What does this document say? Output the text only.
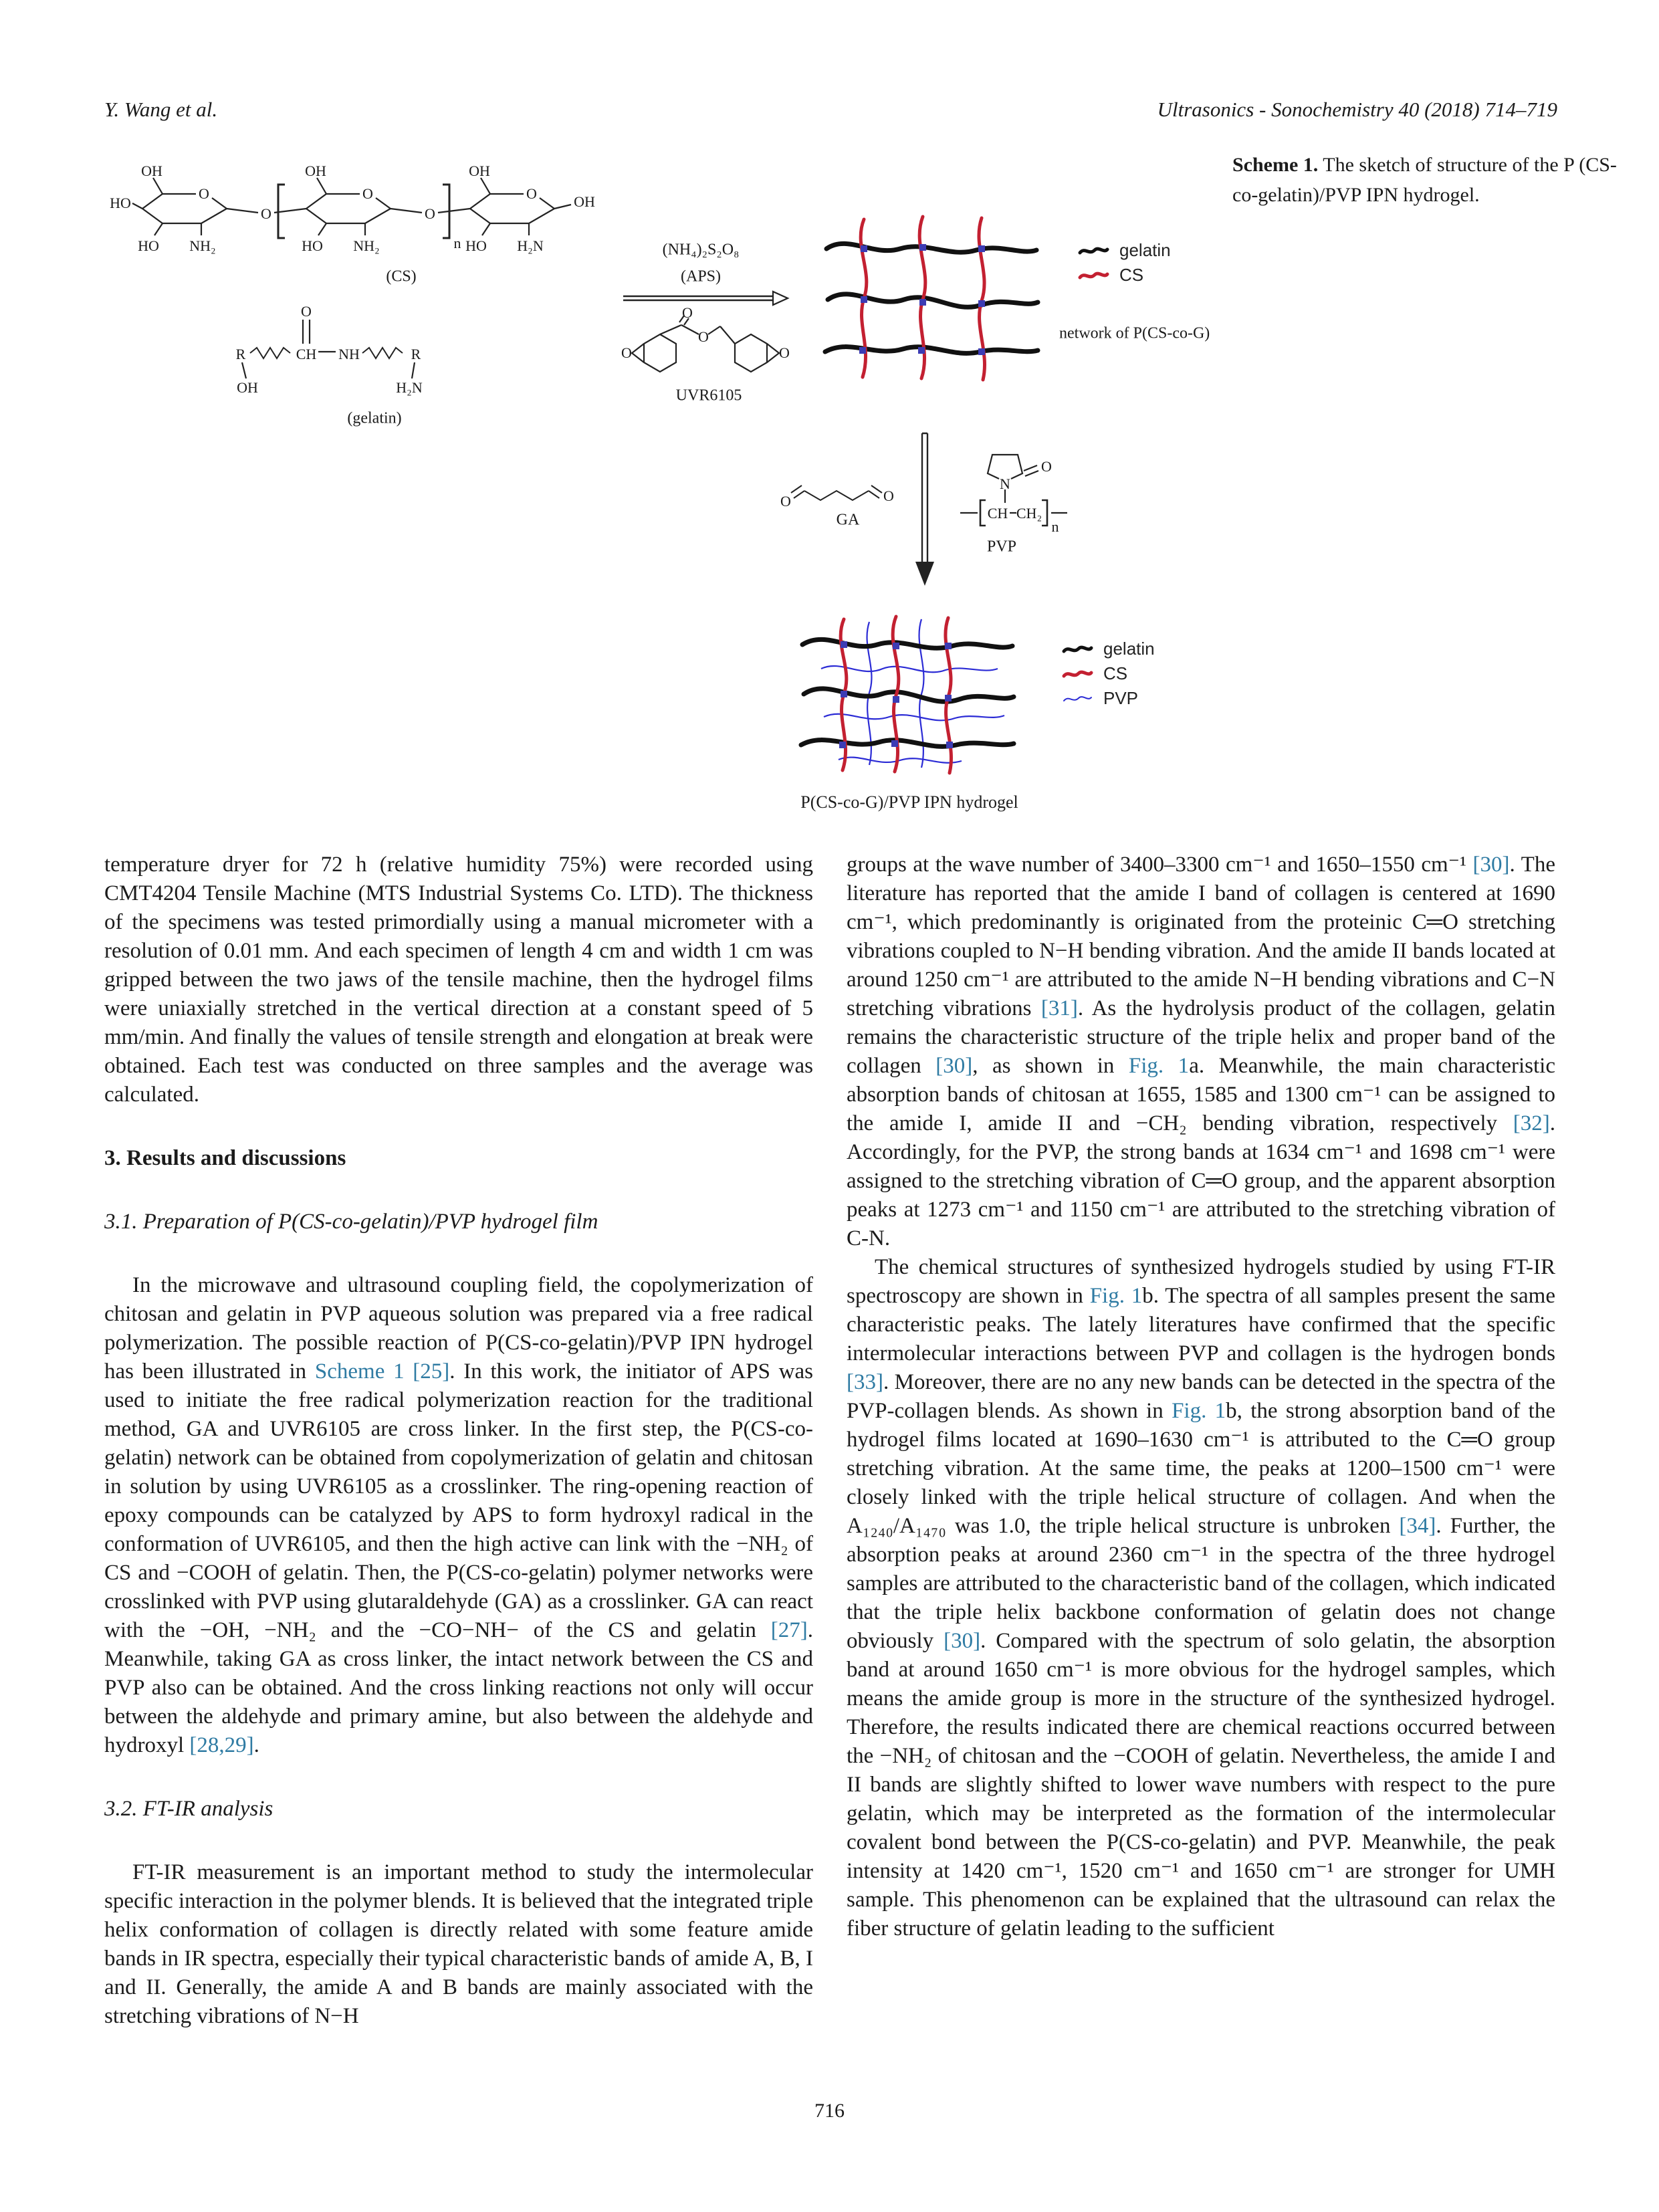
Y. Wang et al.	Ultrasonics - Sonochemistry 40 (2018) 714–719
Scheme 1. The sketch of structure of the P (CS-co-gelatin)/PVP IPN hydrogel.
OH
O
HO
HO NH₂
O
OH
O
HO NH₂	n
O
OH
O
HO H₂N
OH
(CS)
R	CH NH	R
O
OH	H₂N
(gelatin)
(NH₄)₂S₂O₈
(APS)
O
O
O
O
UVR6105
gelatin
CS
network of P(CS-co-G)
O	O
GA
N
O
CH CH₂
n
PVP
gelatin
CS
PVP
P(CS-co-G)/PVP IPN hydrogel

temperature dryer for 72 h (relative humidity 75%) were recorded using CMT4204 Tensile Machine (MTS Industrial Systems Co. LTD). The thickness of the specimens was tested primordially using a manual micrometer with a resolution of 0.01 mm. And each specimen of length 4 cm and width 1 cm was gripped between the two jaws of the tensile machine, then the hydrogel films were uniaxially stretched in the vertical direction at a constant speed of 5 mm/min. And finally the values of tensile strength and elongation at break were obtained. Each test was conducted on three samples and the average was calculated.

3. Results and discussions
3.1. Preparation of P(CS-co-gelatin)/PVP hydrogel film

In the microwave and ultrasound coupling field, the copolymerization of chitosan and gelatin in PVP aqueous solution was prepared via a free radical polymerization. The possible reaction of P(CS-co-gelatin)/PVP IPN hydrogel has been illustrated in Scheme 1 [25]. In this work, the initiator of APS was used to initiate the free radical polymerization reaction for the traditional method, GA and UVR6105 are cross linker. In the first step, the P(CS-co-gelatin) network can be obtained from copolymerization of gelatin and chitosan in solution by using UVR6105 as a crosslinker. The ring-opening reaction of epoxy compounds can be catalyzed by APS to form hydroxyl radical in the conformation of UVR6105, and then the high active can link with the −NH₂ of CS and −COOH of gelatin. Then, the P(CS-co-gelatin) polymer networks were crosslinked with PVP using glutaraldehyde (GA) as a crosslinker. GA can react with the −OH, −NH₂ and the −CO−NH− of the CS and gelatin [27]. Meanwhile, taking GA as cross linker, the intact network between the CS and PVP also can be obtained. And the cross linking reactions not only will occur between the aldehyde and primary amine, but also between the aldehyde and hydroxyl [28,29].

3.2. FT-IR analysis

FT-IR measurement is an important method to study the intermolecular specific interaction in the polymer blends. It is believed that the integrated triple helix conformation of collagen is directly related with some feature amide bands in IR spectra, especially their typical characteristic bands of amide A, B, I and II. Generally, the amide A and B bands are mainly associated with the stretching vibrations of N−H

groups at the wave number of 3400–3300 cm⁻¹ and 1650–1550 cm⁻¹ [30]. The literature has reported that the amide I band of collagen is centered at 1690 cm⁻¹, which predominantly is originated from the proteinic C═O stretching vibrations coupled to N−H bending vibration. And the amide II bands located at around 1250 cm⁻¹ are attributed to the amide N−H bending vibrations and C−N stretching vibrations [31]. As the hydrolysis product of the collagen, gelatin remains the characteristic structure of the triple helix and proper band of the collagen [30], as shown in Fig. 1a. Meanwhile, the main characteristic absorption bands of chitosan at 1655, 1585 and 1300 cm⁻¹ can be assigned to the amide I, amide II and −CH₂ bending vibration, respectively [32]. Accordingly, for the PVP, the strong bands at 1634 cm⁻¹ and 1698 cm⁻¹ were assigned to the stretching vibration of C═O group, and the apparent absorption peaks at 1273 cm⁻¹ and 1150 cm⁻¹ are attributed to the stretching vibration of C-N.

The chemical structures of synthesized hydrogels studied by using FT-IR spectroscopy are shown in Fig. 1b. The spectra of all samples present the same characteristic peaks. The lately literatures have confirmed that the specific intermolecular interactions between PVP and collagen is the hydrogen bonds [33]. Moreover, there are no any new bands can be detected in the spectra of the PVP-collagen blends. As shown in Fig. 1b, the strong absorption band of the hydrogel films located at 1690–1630 cm⁻¹ is attributed to the C═O group stretching vibration. At the same time, the peaks at 1200–1500 cm⁻¹ were closely linked with the triple helical structure of collagen. And when the A₁₂₄₀/A₁₄₇₀ was 1.0, the triple helical structure is unbroken [34]. Further, the absorption peaks at around 2360 cm⁻¹ in the spectra of the three hydrogel samples are attributed to the characteristic band of the collagen, which indicated that the triple helix backbone conformation of gelatin does not change obviously [30]. Compared with the spectrum of solo gelatin, the absorption band at around 1650 cm⁻¹ is more obvious for the hydrogel samples, which means the amide group is more in the structure of the synthesized hydrogel. Therefore, the results indicated there are chemical reactions occurred between the −NH₂ of chitosan and the −COOH of gelatin. Nevertheless, the amide I and II bands are slightly shifted to lower wave numbers with respect to the pure gelatin, which may be interpreted as the formation of the intermolecular covalent bond between the P(CS-co-gelatin) and PVP. Meanwhile, the peak intensity at 1420 cm⁻¹, 1520 cm⁻¹ and 1650 cm⁻¹ are stronger for UMH sample. This phenomenon can be explained that the ultrasound can relax the fiber structure of gelatin leading to the sufficient

716
